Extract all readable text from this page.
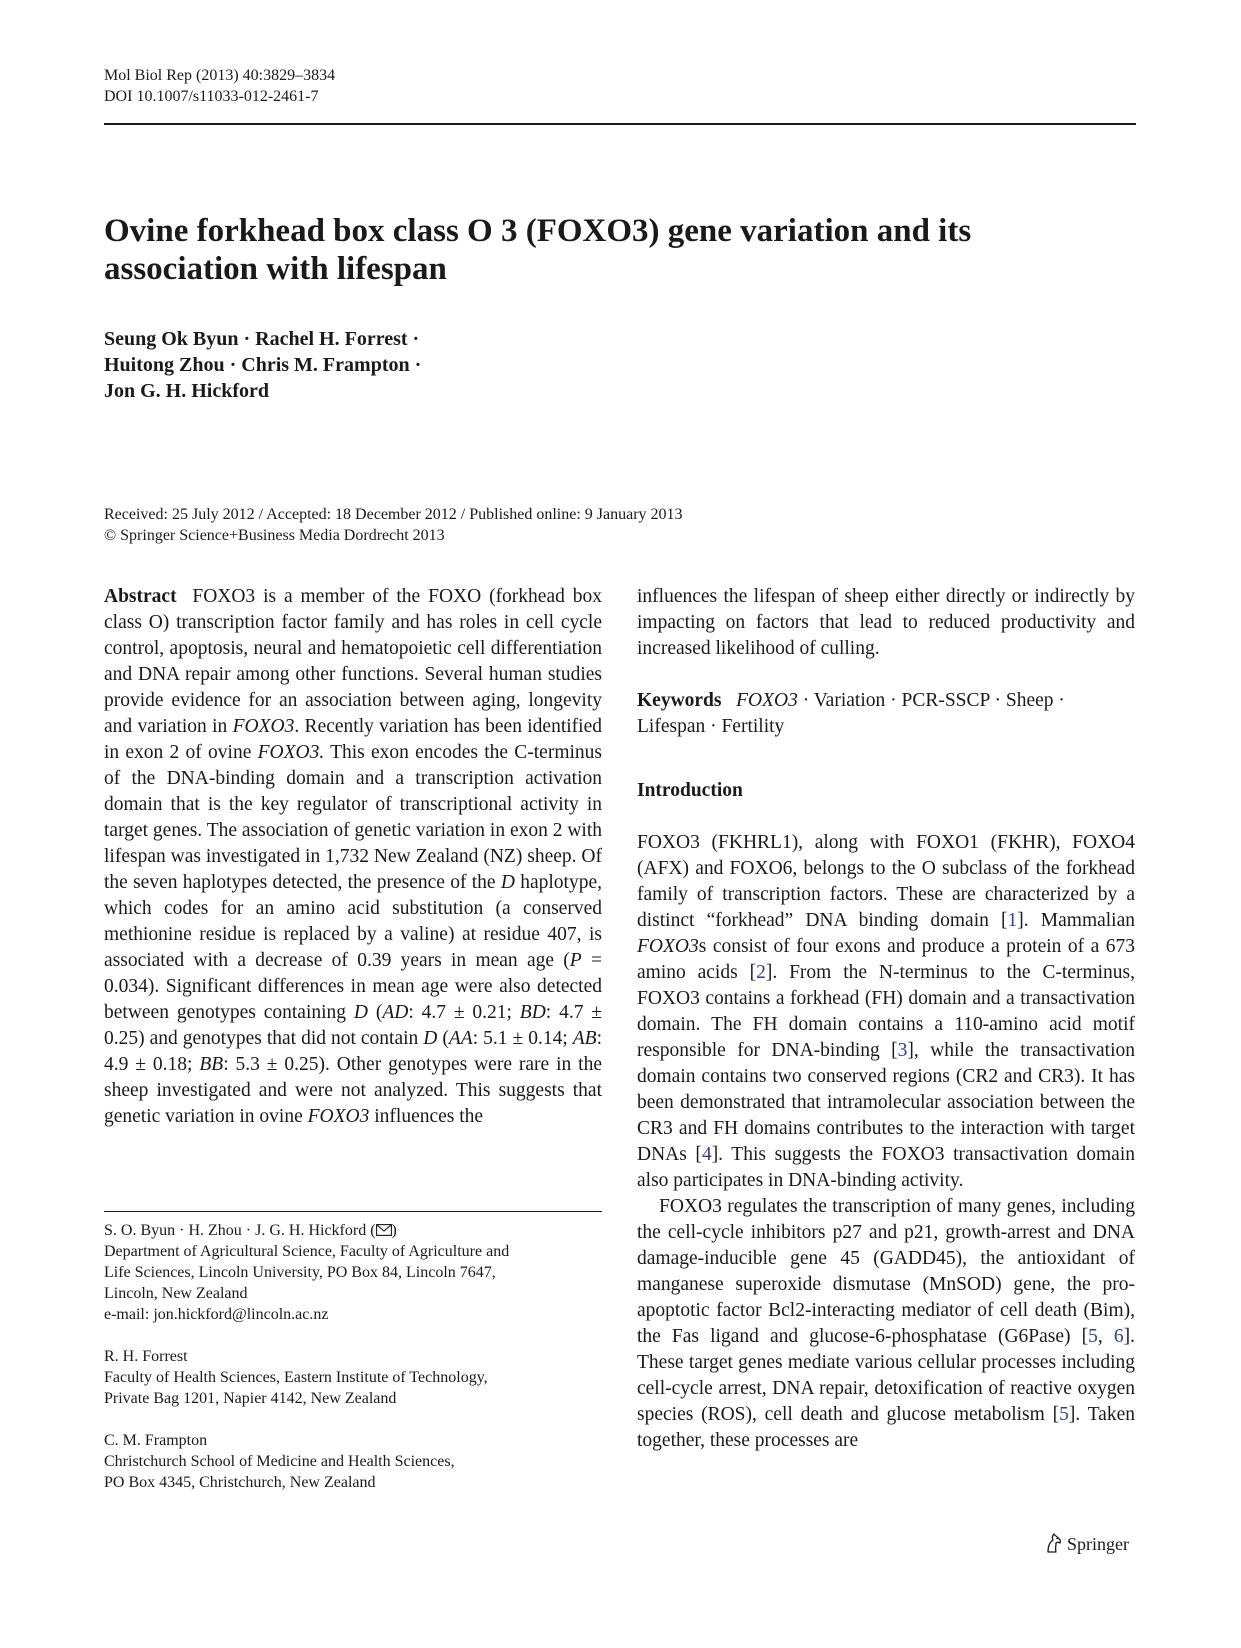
Mol Biol Rep (2013) 40:3829–3834
DOI 10.1007/s11033-012-2461-7
Ovine forkhead box class O 3 (FOXO3) gene variation and its
association with lifespan
Seung Ok Byun · Rachel H. Forrest ·
Huitong Zhou · Chris M. Frampton ·
Jon G. H. Hickford
Received: 25 July 2012 / Accepted: 18 December 2012 / Published online: 9 January 2013
© Springer Science+Business Media Dordrecht 2013

Abstract FOXO3 is a member of the FOXO (forkhead box class O) transcription factor family and has roles in cell cycle control, apoptosis, neural and hematopoietic cell differentiation and DNA repair among other functions. Several human studies provide evidence for an association between aging, longevity and variation in FOXO3. Recently variation has been identified in exon 2 of ovine FOXO3. This exon encodes the C-terminus of the DNA-binding domain and a transcription activation domain that is the key regulator of transcriptional activity in target genes. The association of genetic variation in exon 2 with lifespan was investigated in 1,732 New Zealand (NZ) sheep. Of the seven haplotypes detected, the presence of the D haplotype, which codes for an amino acid substitution (a conserved methionine residue is replaced by a valine) at residue 407, is associated with a decrease of 0.39 years in mean age (P = 0.034). Significant differences in mean age were also detected between genotypes containing D (AD: 4.7 ± 0.21; BD: 4.7 ± 0.25) and genotypes that did not contain D (AA: 5.1 ± 0.14; AB: 4.9 ± 0.18; BB: 5.3 ± 0.25). Other genotypes were rare in the sheep investigated and were not analyzed. This suggests that genetic variation in ovine FOXO3 influences the

S. O. Byun · H. Zhou · J. G. H. Hickford ( )
Department of Agricultural Science, Faculty of Agriculture and
Life Sciences, Lincoln University, PO Box 84, Lincoln 7647,
Lincoln, New Zealand
e-mail: jon.hickford@lincoln.ac.nz
R. H. Forrest
Faculty of Health Sciences, Eastern Institute of Technology,
Private Bag 1201, Napier 4142, New Zealand
C. M. Frampton
Christchurch School of Medicine and Health Sciences,
PO Box 4345, Christchurch, New Zealand

influences the lifespan of sheep either directly or indirectly by impacting on factors that lead to reduced productivity and increased likelihood of culling.

Keywords FOXO3 · Variation · PCR-SSCP · Sheep · Lifespan · Fertility

Introduction

FOXO3 (FKHRL1), along with FOXO1 (FKHR), FOXO4 (AFX) and FOXO6, belongs to the O subclass of the forkhead family of transcription factors. These are characterized by a distinct “forkhead” DNA binding domain [1]. Mammalian FOXO3s consist of four exons and produce a protein of a 673 amino acids [2]. From the N-terminus to the C-terminus, FOXO3 contains a forkhead (FH) domain and a transactivation domain. The FH domain contains a 110-amino acid motif responsible for DNA-binding [3], while the transactivation domain contains two conserved regions (CR2 and CR3). It has been demonstrated that intramolecular association between the CR3 and FH domains contributes to the interaction with target DNAs [4]. This suggests the FOXO3 transactivation domain also participates in DNA-binding activity.

FOXO3 regulates the transcription of many genes, including the cell-cycle inhibitors p27 and p21, growth-arrest and DNA damage-inducible gene 45 (GADD45), the antioxidant of manganese superoxide dismutase (MnSOD) gene, the pro-apoptotic factor Bcl2-interacting mediator of cell death (Bim), the Fas ligand and glucose-6-phosphatase (G6Pase) [5, 6]. These target genes mediate various cellular processes including cell-cycle arrest, DNA repair, detoxification of reactive oxygen species (ROS), cell death and glucose metabolism [5]. Taken together, these processes are

Springer
